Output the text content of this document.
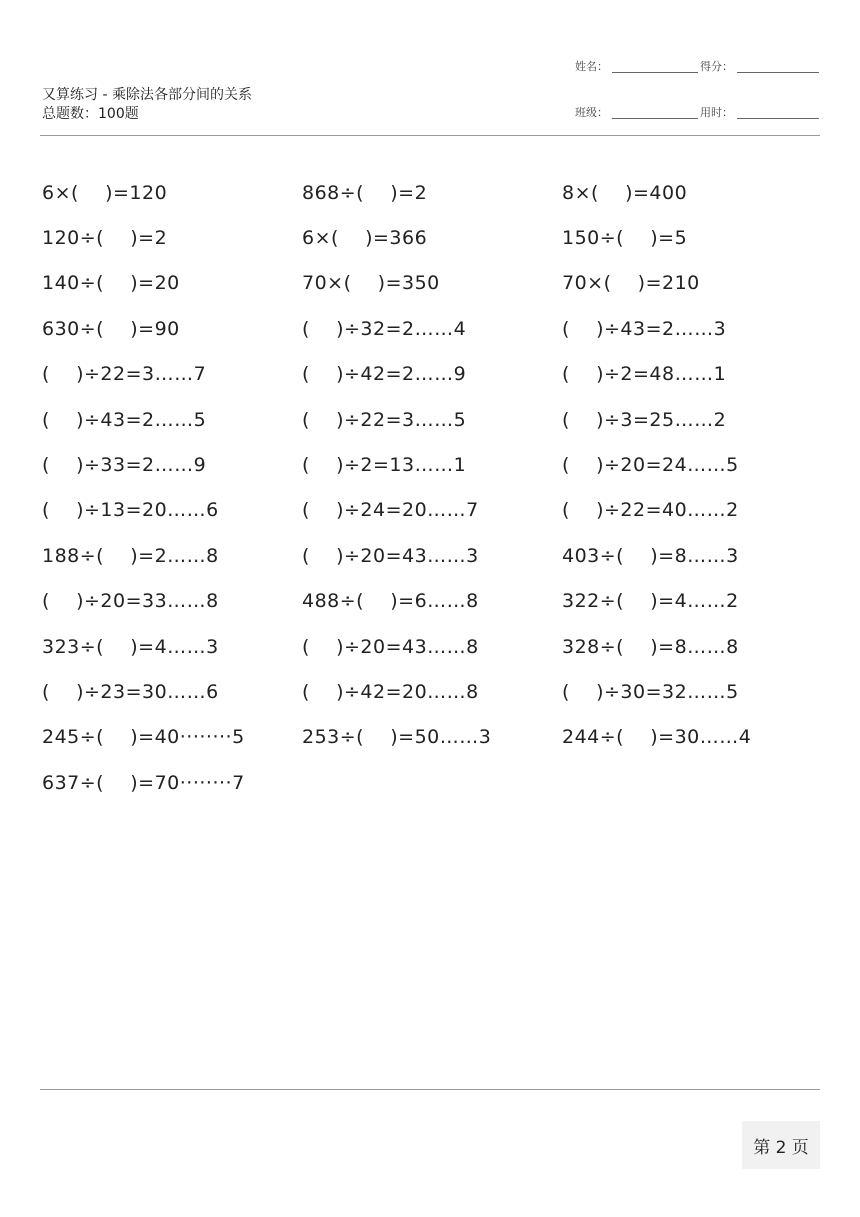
又算练习 - 乘除法各部分间的关系
总题数：100题
姓名：	得分：
班级：	用时：
6×(    )=120	868÷(    )=2	8×(    )=400
120÷(    )=2	6×(    )=366	150÷(    )=5
140÷(    )=20	70×(    )=350	70×(    )=210
630÷(    )=90	(    )÷32=2……4	(    )÷43=2……3
(    )÷22=3……7	(    )÷42=2……9	(    )÷2=48……1
(    )÷43=2……5	(    )÷22=3……5	(    )÷3=25……2
(    )÷33=2……9	(    )÷2=13……1	(    )÷20=24……5
(    )÷13=20……6	(    )÷24=20……7	(    )÷22=40……2
188÷(    )=2……8	(    )÷20=43……3	403÷(    )=8……3
(    )÷20=33……8	488÷(    )=6……8	322÷(    )=4……2
323÷(    )=4……3	(    )÷20=43……8	328÷(    )=8……8
(    )÷23=30……6	(    )÷42=20……8	(    )÷30=32……5
245÷(    )=40········5	253÷(    )=50……3	244÷(    )=30……4
637÷(    )=70········7
第 2 页
